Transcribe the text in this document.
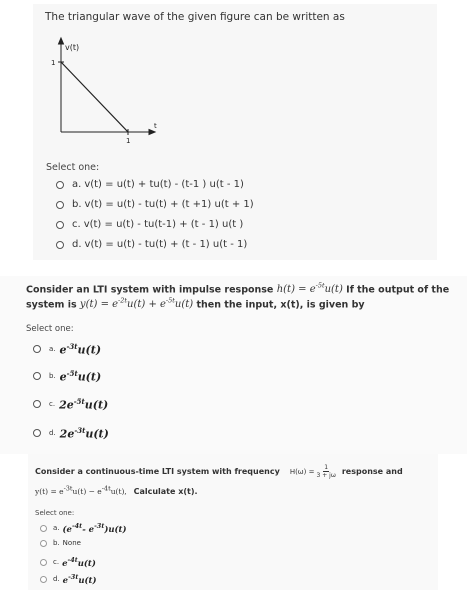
The triangular wave of the given figure can be written as
v(t)
1
t
1
Select one:
a. v(t) = u(t) + tu(t) - (t-1 ) u(t - 1)
b. v(t) = u(t) - tu(t) + (t +1) u(t + 1)
c. v(t) = u(t) - tu(t-1) + (t - 1) u(t )
d. v(t) = u(t) - tu(t) + (t - 1) u(t - 1)
Consider an LTI system with impulse response $h(t) = e^{-5t}u(t)$ If the output of the
system is $y(t) = e^{-2t}u(t) + e^{-5t}u(t)$ then the input, x(t), is given by
Select one:
a. $e^{-3t}u(t)$
b. $e^{-5t}u(t)$
c. $2e^{-5t}u(t)$
d. $2e^{-3t}u(t)$
Consider a continuous-time LTI system with frequency $H(\omega) = \frac{1}{3 + j\omega}$ response and
$y(t) = e^{-3t}u(t) - e^{-4t}u(t)$, Calculate x(t).
Select one:
a. ($e^{-4t}-$ $e^{-3t})u(t)$
b. None
c. $e^{-4t}u(t)$
d. $e^{-3t}u(t)$
